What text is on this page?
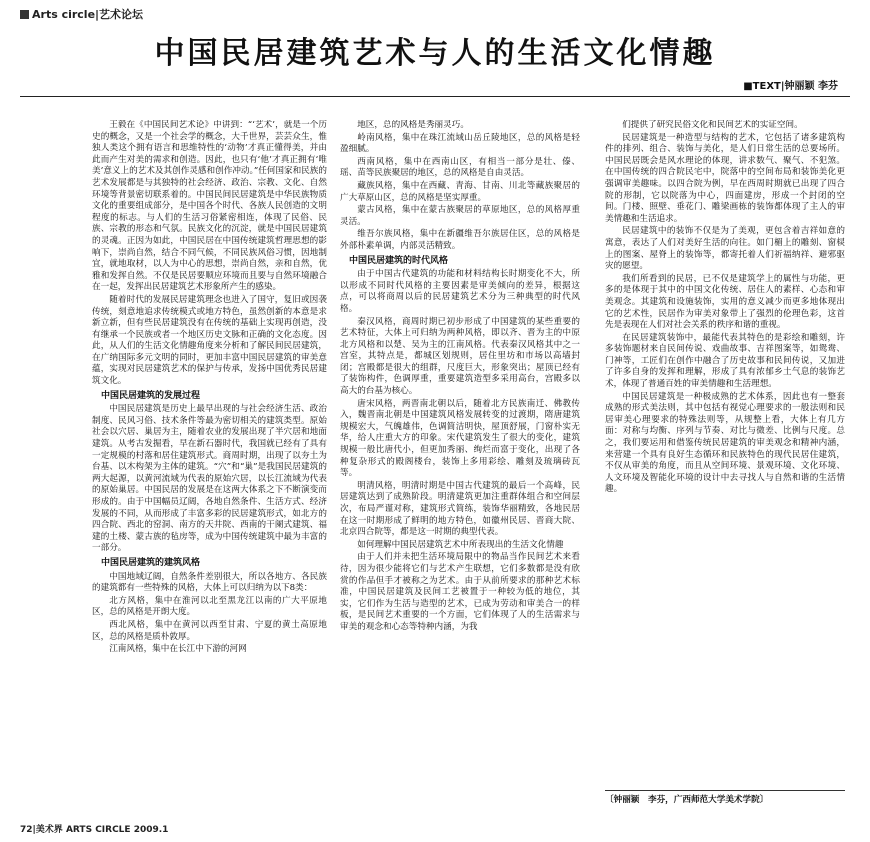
Arts circle|艺术论坛
中国民居建筑艺术与人的生活文化情趣
■TEXT|钟丽颖 李芬

王毅在《中国民间艺术论》中讲到：“‘艺术’，就是一个历史的概念，又是一个社会学的概念，大千世界，芸芸众生，惟独人类这个拥有语言和思维特性的‘动物’才真正懂得美，并由此而产生对美的需求和创造。因此，也只有‘他’才真正拥有‘唯美’意义上的艺术及其创作灵感和创作冲动。”任何国家和民族的艺术发展都是与其独特的社会经济、政治、宗教、文化、自然环境等背景密切联系着的。中国民间民居建筑是中华民族物质文化的重要组成部分，是中国各个时代、各族人民创造的文明程度的标志。与人们的生活习俗紧密相连，体现了民俗、民族、宗教的形态和气氛。民族文化的沉淀，就是中国民居建筑的灵魂。正因为如此，中国民居在中国传统建筑哲理思想的影响下，崇尚自然，结合不同气候，不同民族风俗习惯，因地制宜，就地取材，以人为中心的思想，崇尚自然，亲和自然，优雅和发挥自然。不仅是民居要顺应环境而且要与自然环境融合在一起，发挥出民居建筑艺术形象所产生的感染。

随着时代的发展民居建筑理念也进入了国守，复旧或因袭传统，刻意地追求传统模式或地方特色，虽然创新的本意是求新立新，但有些民居建筑没有在传统的基础上实现再创造，没有继承一个民族或者一个地区历史文脉和正确的文化态度。因此，从人们的生活文化情趣角度来分析和了解民间民居建筑，在广纳国际多元文明的同时，更加丰富中国民居建筑的审美意蕴，实现对民居建筑艺术的保护与传承，发扬中国优秀民居建筑文化。

中国民居建筑的发展过程

中国民居建筑是历史上最早出现的与社会经济生活、政治制度、民风习俗、技术条件等最为密切相关的建筑类型。原始社会以穴居、巢居为主，随着农业的发展出现了半穴居和地面建筑。从考古发掘看，早在新石器时代，我国就已经有了具有一定规模的村落和居住建筑形式。商周时期，出现了以夯土为台基、以木构架为主体的建筑。“穴”和“巢”是我国民居建筑的两大起源，以黄河流域为代表的原始穴居，以长江流域为代表的原始巢居。中国民居的发展是在这两大体系之下不断演变而形成的。由于中国幅员辽阔，各地自然条件、生活方式、经济发展的不同，从而形成了丰富多彩的民居建筑形式，如北方的四合院、西北的窑洞、南方的天井院、西南的干阑式建筑、福建的土楼、蒙古族的毡房等，成为中国传统建筑中最为丰富的一部分。

中国民居建筑的建筑风格

中国地域辽阔，自然条件差别很大，所以各地方、各民族的建筑都有一些特殊的风格，大体上可以归纳为以下8类：

北方风格，集中在淮河以北至黑龙江以南的广大平原地区，总的风格是开朗大度。

西北风格，集中在黄河以西至甘肃、宁夏的黄土高原地区，总的风格是质朴敦厚。

江南风格，集中在长江中下游的河网

地区，总的风格是秀丽灵巧。

岭南风格，集中在珠江流域山岳丘陵地区，总的风格是轻盈细腻。

西南风格，集中在西南山区，有相当一部分是壮、傣、瑶、苗等民族聚居的地区，总的风格是自由灵活。

藏族风格，集中在西藏、青海、甘南、川北等藏族聚居的广大草原山区，总的风格是坚实厚重。

蒙古风格，集中在蒙古族聚居的草原地区，总的风格厚重灵活。

维吾尔族风格，集中在新疆维吾尔族居住区，总的风格是外部朴素单调，内部灵活精致。

中国民居建筑的时代风格

由于中国古代建筑的功能和材料结构长时期变化不大，所以形成不同时代风格的主要因素是审美倾向的差异，根据这点，可以将商周以后的民居建筑艺术分为三种典型的时代风格。

秦汉风格，商周时期已初步形成了中国建筑的某些重要的艺术特征，大体上可归纳为两种风格，即以齐、晋为主的中原北方风格和以楚、吴为主的江南风格。代表秦汉风格其中之一宫室，其特点是，都城区划规则，居住里坊和市场以高墙封闭；宫殿都是很大的组群，尺度巨大，形象突出；屋顶已经有了装饰构件，色调厚重，重要建筑造型多采用高台，宫殿多以高大的台基为核心。

唐宋风格，两晋南北朝以后，随着北方民族南迁、佛教传入，魏晋南北朝是中国建筑风格发展转变的过渡期，隋唐建筑规模宏大，气魄雄伟，色调简洁明快，屋顶舒展，门窗朴实无华，给人庄重大方的印象。宋代建筑发生了很大的变化，建筑规模一般比唐代小，但更加秀丽、绚烂而富于变化，出现了各种复杂形式的殿阁楼台，装饰上多用彩绘、雕刻及琉璃砖瓦等。

明清风格，明清时期是中国古代建筑的最后一个高峰，民居建筑达到了成熟阶段。明清建筑更加注重群体组合和空间层次，布局严谨对称，建筑形式简练，装饰华丽精致，各地民居在这一时期形成了鲜明的地方特色，如徽州民居、晋商大院、北京四合院等，都是这一时期的典型代表。

如何理解中国民居建筑艺术中所表现出的生活文化情趣

由于人们并未把生活环境局限中的物品当作民间艺术来看待，因为很少能将它们与艺术产生联想，它们多数都是没有欣赏的作品但手才被称之为艺术。由于从前所要求的那种艺术标准，中国民居建筑及民间工艺被置于一种较为低的地位，其实，它们作为生活与造型的艺术，已成为劳动和审美合一的样板，是民间艺术重要的一个方面，它们体现了人的生活需求与审美的观念和心态等特种内涵，为我

们提供了研究民俗文化和民间艺术的实证空间。

民居建筑是一种造型与结构的艺术，它包括了诸多建筑构件的排列、组合、装饰与美化，是人们日常生活的总要场所。中国民居既会是风水理论的体现，讲求数气、聚气、不犯煞。在中国传统的四合院民宅中，院落中的空间布局和装饰美化更强调审美趣味。以四合院为例，早在西周时期就已出现了四合院的形制，它以院落为中心，四面建房，形成一个封闭的空间。门楼、照壁、垂花门、雕梁画栋的装饰都体现了主人的审美情趣和生活追求。

民居建筑中的装饰不仅是为了美观，更包含着吉祥如意的寓意，表达了人们对美好生活的向往。如门楣上的雕刻、窗棂上的图案、屋脊上的装饰等，都寄托着人们祈福纳祥、避邪驱灾的愿望。

我们所看到的民居，已不仅是建筑学上的属性与功能，更多的是体现于其中的中国文化传统、居住人的素样、心态和审美观念。其建筑和设施装饰，实用的意义减少而更多地体现出它的艺术性，民居作为审美对象带上了强烈的伦理色彩，这首先是表现在人们对社会关系的秩序和谐的重视。

在民居建筑装饰中，最能代表其特色的是彩绘和雕刻，许多装饰题材来自民间传说、戏曲故事、吉祥图案等，如鸳鸯、门神等，工匠们在创作中融合了历史故事和民间传说，又加进了许多自身的发挥和理解，形成了具有浓郁乡土气息的装饰艺术，体现了普通百姓的审美情趣和生活理想。

中国民居建筑是一种极成熟的艺术体系，因此也有一整套成熟的形式美法则，其中包括有视觉心理要求的一般法则和民居审美心理要求的特殊法则等，从规整上看，大体上有几方面：对称与均衡、序列与节奏、对比与微差、比例与尺度。总之，我们要运用和借鉴传统民居建筑的审美观念和精神内涵，来营建一个具有良好生态循环和民族特色的现代民居住建筑，不仅从审美的角度，而且从空间环境、景观环境、文化环境、人文环境及智能化环境的设计中去寻找人与自然和谐的生活情趣。

〔钟丽颖　李芬，广西师范大学美术学院〕
72|美术界 ARTS CIRCLE 2009.1
